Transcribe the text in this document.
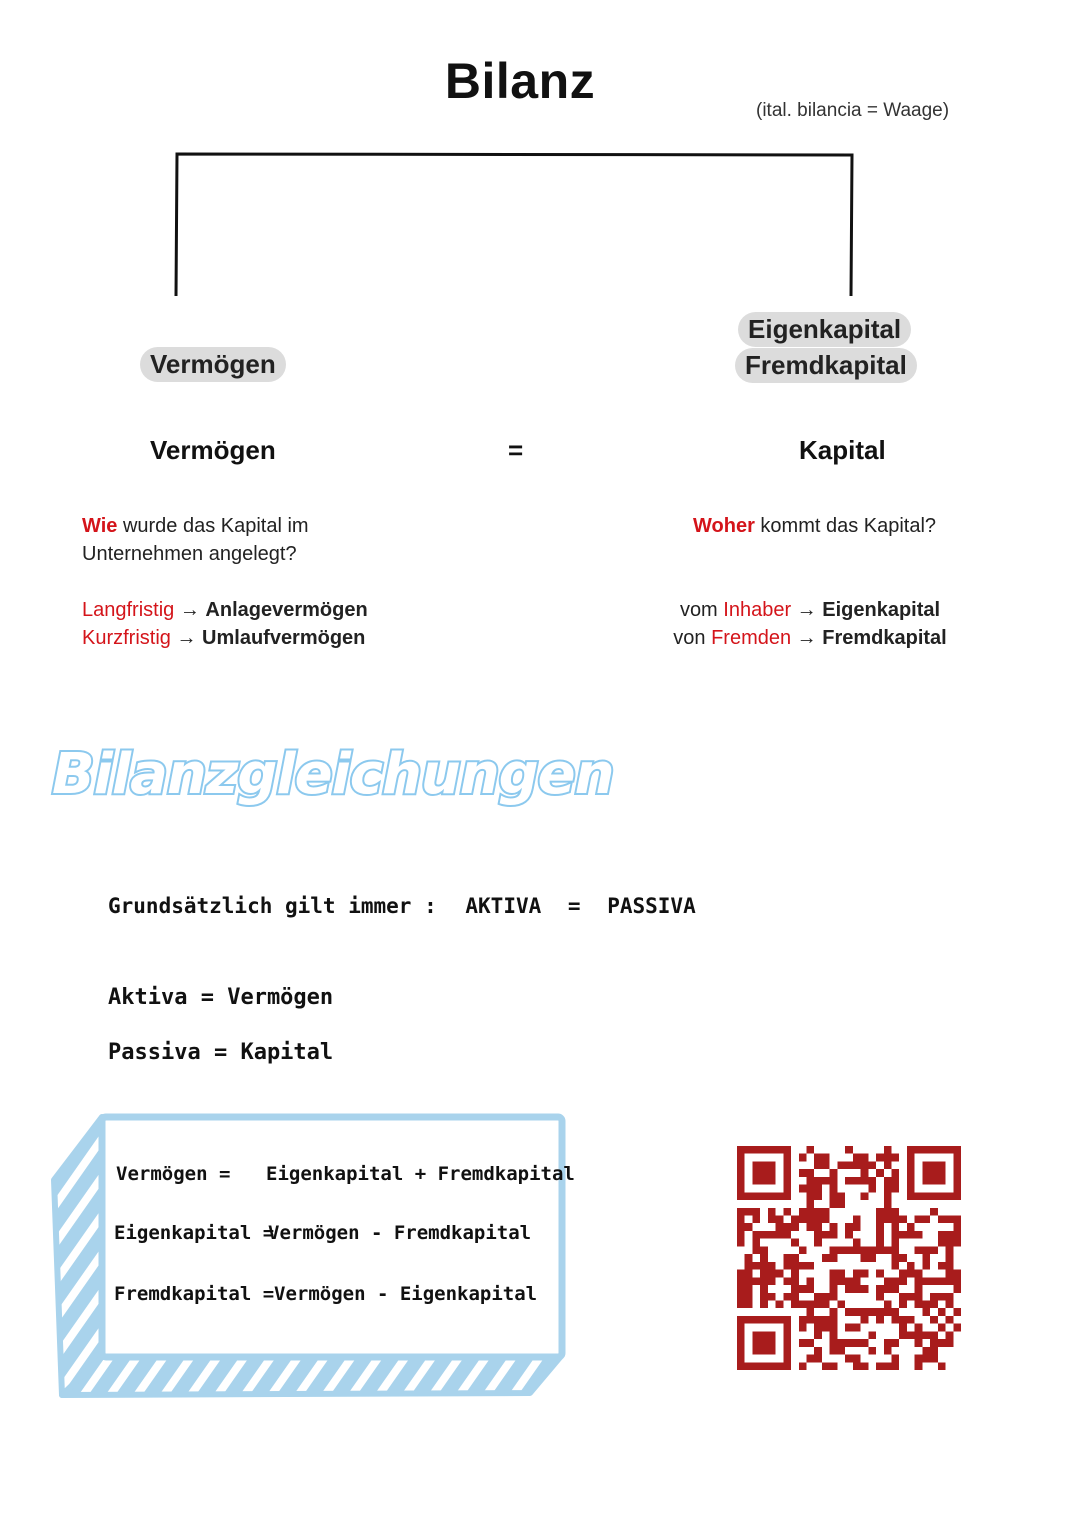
Bilanz
(ital. bilancia = Waage)
Vermögen
Eigenkapital
Fremdkapital
Vermögen	=	Kapital
Wie wurde das Kapital im
Unternehmen angelegt?
Langfristig → Anlagevermögen
Kurzfristig → Umlaufvermögen
Woher kommt das Kapital?
vom Inhaber → Eigenkapital
von Fremden → Fremdkapital
Bilanzgleichungen
Grundsätzlich gilt immer : AKTIVA = PASSIVA
Aktiva = Vermögen
Passiva = Kapital
Vermögen = Eigenkapital + Fremdkapital
Eigenkapital =
Vermögen - Fremdkapital
Fremdkapital = Vermögen - Eigenkapital
